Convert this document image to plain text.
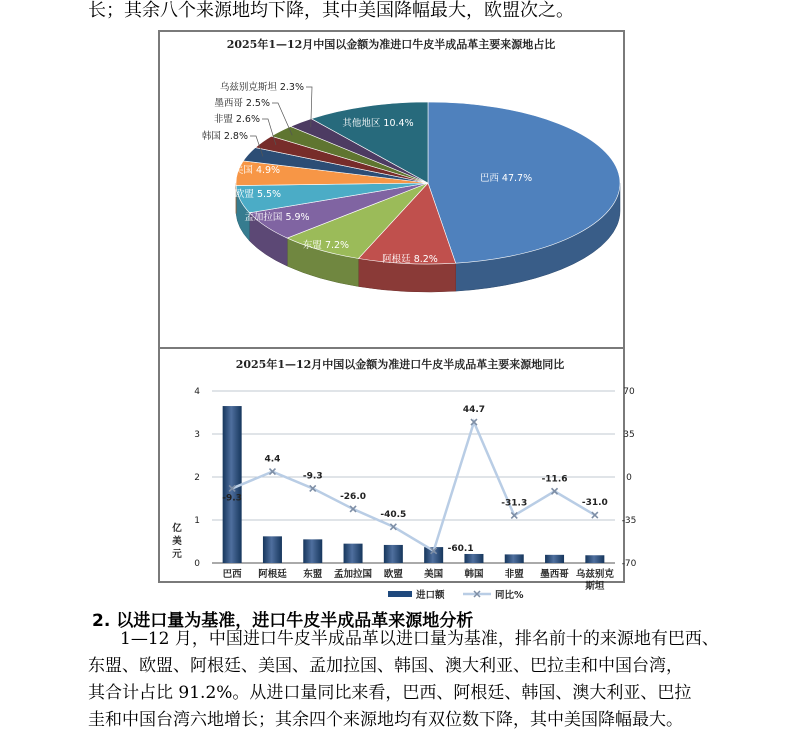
长；其余八个来源地均下降，其中美国降幅最大，欧盟次之。
2025年1—12月中国以金额为准进口牛皮半成品革主要来源地占比
巴西 47.7%
阿根廷 8.2%
东盟 7.2%
孟加拉国 5.9%
欧盟 5.5%
美国 4.9%
韩国 2.8%
非盟 2.6%
墨西哥 2.5%
乌兹别克斯坦 2.3%
其他地区 10.4%
2025年1—12月中国以金额为准进口牛皮半成品革主要来源地同比
0
1
2
3
4
-70
-35
0
35
70
亿
美
元
-9.3
4.4
-9.3
-26.0
-40.5
-60.1
44.7
-31.3
-11.6
-31.0
巴西 阿根廷 东盟 孟加拉国 欧盟 美国 韩国 非盟 墨西哥 乌兹别克
斯坦
进口额	同比%
2. 以进口量为基准，进口牛皮半成品革来源地分析

1—12 月，中国进口牛皮半成品革以进口量为基准，排名前十的来源地有巴西、

东盟、欧盟、阿根廷、美国、孟加拉国、韩国、澳大利亚、巴拉圭和中国台湾，

其合计占比 91.2%。从进口量同比来看，巴西、阿根廷、韩国、澳大利亚、巴拉

圭和中国台湾六地增长；其余四个来源地均有双位数下降，其中美国降幅最大。
